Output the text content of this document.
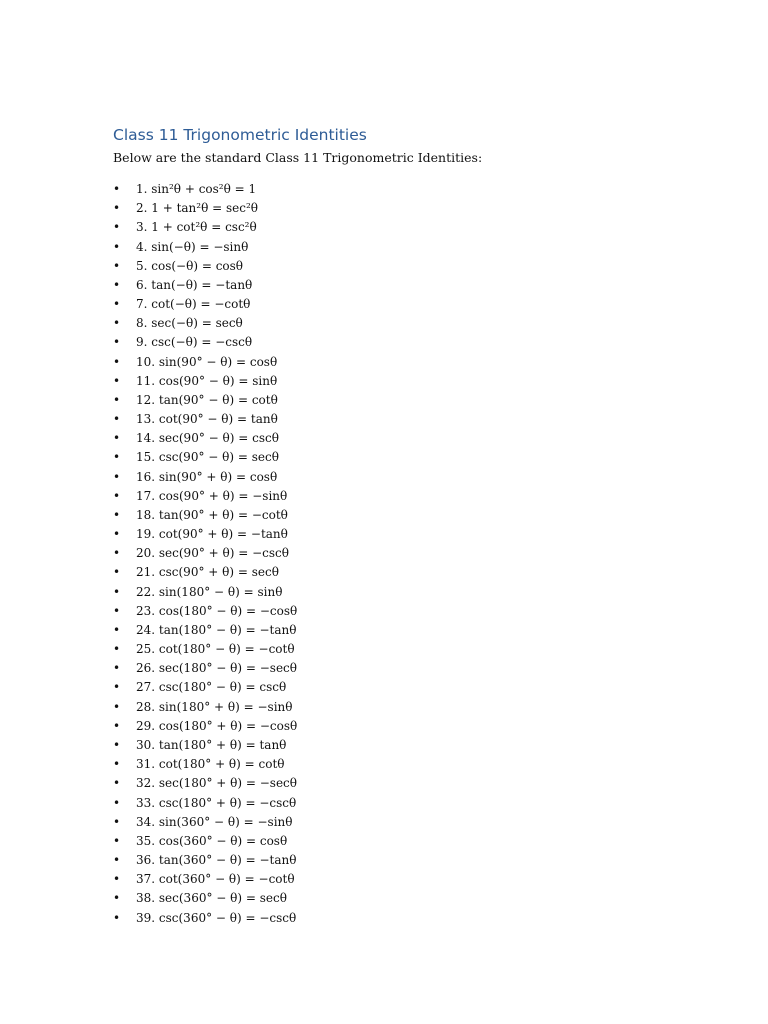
Class 11 Trigonometric Identities

Below are the standard Class 11 Trigonometric Identities:

•	1. sin²θ + cos²θ = 1
•	2. 1 + tan²θ = sec²θ
•	3. 1 + cot²θ = csc²θ
•	4. sin(−θ) = −sinθ
•	5. cos(−θ) = cosθ
•	6. tan(−θ) = −tanθ
•	7. cot(−θ) = −cotθ
•	8. sec(−θ) = secθ
•	9. csc(−θ) = −cscθ
•	10. sin(90° − θ) = cosθ
•	11. cos(90° − θ) = sinθ
•	12. tan(90° − θ) = cotθ
•	13. cot(90° − θ) = tanθ
•	14. sec(90° − θ) = cscθ
•	15. csc(90° − θ) = secθ
•	16. sin(90° + θ) = cosθ
•	17. cos(90° + θ) = −sinθ
•	18. tan(90° + θ) = −cotθ
•	19. cot(90° + θ) = −tanθ
•	20. sec(90° + θ) = −cscθ
•	21. csc(90° + θ) = secθ
•	22. sin(180° − θ) = sinθ
•	23. cos(180° − θ) = −cosθ
•	24. tan(180° − θ) = −tanθ
•	25. cot(180° − θ) = −cotθ
•	26. sec(180° − θ) = −secθ
•	27. csc(180° − θ) = cscθ
•	28. sin(180° + θ) = −sinθ
•	29. cos(180° + θ) = −cosθ
•	30. tan(180° + θ) = tanθ
•	31. cot(180° + θ) = cotθ
•	32. sec(180° + θ) = −secθ
•	33. csc(180° + θ) = −cscθ
•	34. sin(360° − θ) = −sinθ
•	35. cos(360° − θ) = cosθ
•	36. tan(360° − θ) = −tanθ
•	37. cot(360° − θ) = −cotθ
•	38. sec(360° − θ) = secθ
•	39. csc(360° − θ) = −cscθ
